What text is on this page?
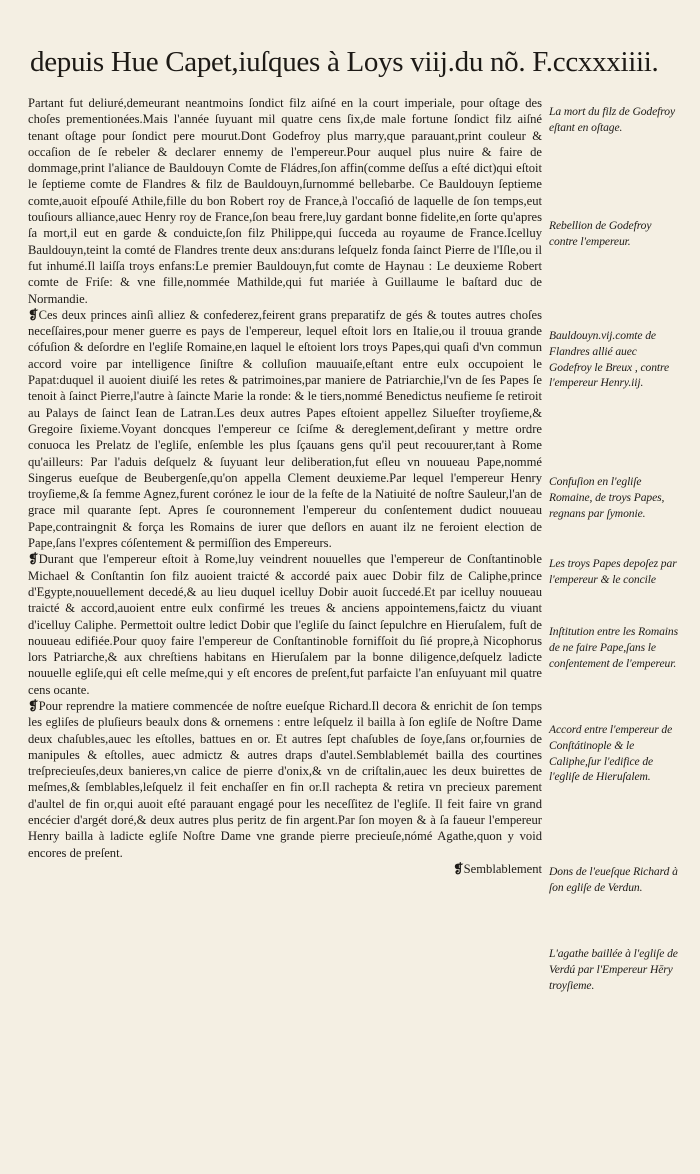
depuis Hue Capet,iuſques à Loys viij.du nõ. F.ccxxxiiii.

Partant fut deliuré,demeurant neantmoins ſondict filz aiſné en la court imperiale, pour oſtage des choſes prementionées.Mais l'année ſuyuant mil quatre cens ſix,de male fortune ſondict filz aiſné tenant oſtage pour ſondict pere mourut.Dont Godefroy plus marry,que parauant,print couleur & occaſion de ſe rebeler & declarer ennemy de l'empereur.Pour auquel plus nuire & faire de dommage,print l'aliance de Bauldouyn Comte de Fládres,ſon affin(comme deſſus a eſté dict)qui eſtoit le ſeptieme comte de Flandres & filz de Bauldouyn,ſurnommé bellebarbe. Ce Bauldouyn ſeptieme comte,auoit eſpouſé Athile,fille du bon Robert roy de France,à l'occaſió de laquelle de ſon temps,eut touſiours alliance,auec Henry roy de France,ſon beau frere,luy gardant bonne fidelite,en ſorte qu'apres ſa mort,il eut en garde & conduicte,ſon filz Philippe,qui ſucceda au royaume de France.Icelluy Bauldouyn,teint la comté de Flandres trente deux ans:durans leſquelz fonda ſainct Pierre de l'Iſle,ou il fut inhumé.Il laiſſa troys enfans:Le premier Bauldouyn,fut comte de Haynau : Le deuxieme Robert comte de Friſe: & vne fille,nommée Mathilde,qui fut mariée à Guillaume le baſtard duc de Normandie.

❡Ces deux princes ainſi alliez & confederez,feirent grans preparatifz de gés & toutes autres choſes neceſſaires,pour mener guerre es pays de l'empereur, lequel eſtoit lors en Italie,ou il trouua grande cófuſion & deſordre en l'egliſe Romaine,en laquel le eſtoient lors troys Papes,qui quaſi d'vn commun accord voire par intelligence ſiniſtre & colluſion mauuaiſe,eſtant entre eulx occupoient le Papat:duquel il auoient diuiſé les retes & patrimoines,par maniere de Patriarchie,l'vn de ſes Papes ſe tenoit à ſainct Pierre,l'autre à ſaincte Marie la ronde: & le tiers,nommé Benedictus neufieme ſe retiroit au Palays de ſainct Iean de Latran.Les deux autres Papes eſtoient appellez Silueſter troyſieme,& Gregoire ſixieme.Voyant doncques l'empereur ce ſciſme & dereglement,deſirant y mettre ordre conuoca les Prelatz de l'egliſe, enſemble les plus ſçauans gens qu'il peut recouurer,tant à Rome qu'ailleurs: Par l'aduis deſquelz & ſuyuant leur deliberation,fut eſleu vn nouueau Pape,nommé Singerus eueſque de Beubergenſe,qu'on appella Clement deuxieme.Par lequel l'empereur Henry troyſieme,& ſa femme Agnez,furent corónez le iour de la feſte de la Natiuité de noſtre Sauleur,l'an de grace mil quarante ſept. Apres ſe couronnement l'empereur du conſentement dudict nouueau Pape,contraingnit & força les Romains de iurer que deſlors en auant ilz ne feroient election de Pape,ſans l'expres cóſentement & permiſſion des Empereurs.

❡Durant que l'empereur eſtoit à Rome,luy veindrent nouuelles que l'empereur de Conſtantinoble Michael & Conſtantin ſon filz auoient traicté & accordé paix auec Dobir filz de Caliphe,prince d'Egypte,nouuellement decedé,& au lieu duquel icelluy Dobir auoit ſuccedé.Et par icelluy nouueau traicté & accord,auoient entre eulx confirmé les treues & anciens appointemens,faictz du viuant d'icelluy Caliphe. Permettoit oultre ledict Dobir que l'egliſe du ſainct ſepulchre en Hieruſalem, fuſt de nouueau edifiée.Pour quoy faire l'empereur de Conſtantinoble fornifſoit du ſié propre,à Nicophorus lors Patriarche,& aux chreſtiens habitans en Hieruſalem par la bonne diligence,deſquelz ladicte nouuelle egliſe,qui eſt celle meſme,qui y eſt encores de preſent,fut parfaicte l'an enſuyuant mil quatre cens ocante.

❡Pour reprendre la matiere commencée de noſtre eueſque Richard.Il decora & enrichit de ſon temps les egliſes de pluſieurs beaulx dons & ornemens : entre leſquelz il bailla à ſon egliſe de Noſtre Dame deux chaſubles,auec les eſtolles, battues en or. Et autres ſept chaſubles de ſoye,ſans or,fournies de manipules & eſtolles, auec admictz & autres draps d'autel.Semblablemét bailla des courtines treſprecieuſes,deux banieres,vn calice de pierre d'onix,& vn de criſtalin,auec les deux buirettes de meſmes,& ſemblables,leſquelz il feit enchaſſer en fin or.Il rachepta & retira vn precieux parement d'aultel de fin or,qui auoit eſté parauant engagé pour les neceſſitez de l'egliſe. Il feit faire vn grand encécier d'argét doré,& deux autres plus peritz de fin argent.Par ſon moyen & à ſa faueur l'empereur Henry bailla à ladicte egliſe Noſtre Dame vne grande pierre precieuſe,nómé Agathe,quon y void encores de preſent.

❡Semblablement

La mort du filz de Godefroy eſtant en oſtage.
Rebellion de Godefroy contre l'empereur.
Bauldouyn.vij.comte de Flandres allié auec Godefroy le Breux , contre l'empereur Henry.iij.
Confuſion en l'egliſe Romaine, de troys Papes, regnans par ſymonie.
Les troys Papes depoſez par l'empereur & le concile
Inſtitution entre les Romains de ne faire Pape,ſans le conſentement de l'empereur.
Accord entre l'empereur de Conſtátinople & le Caliphe,ſur l'edifice de l'egliſe de Hieruſalem.
Dons de l'eueſque Richard à ſon egliſe de Verdun.
L'agathe baillée à l'egliſe de Verdú par l'Empereur Hēry troyſieme.
